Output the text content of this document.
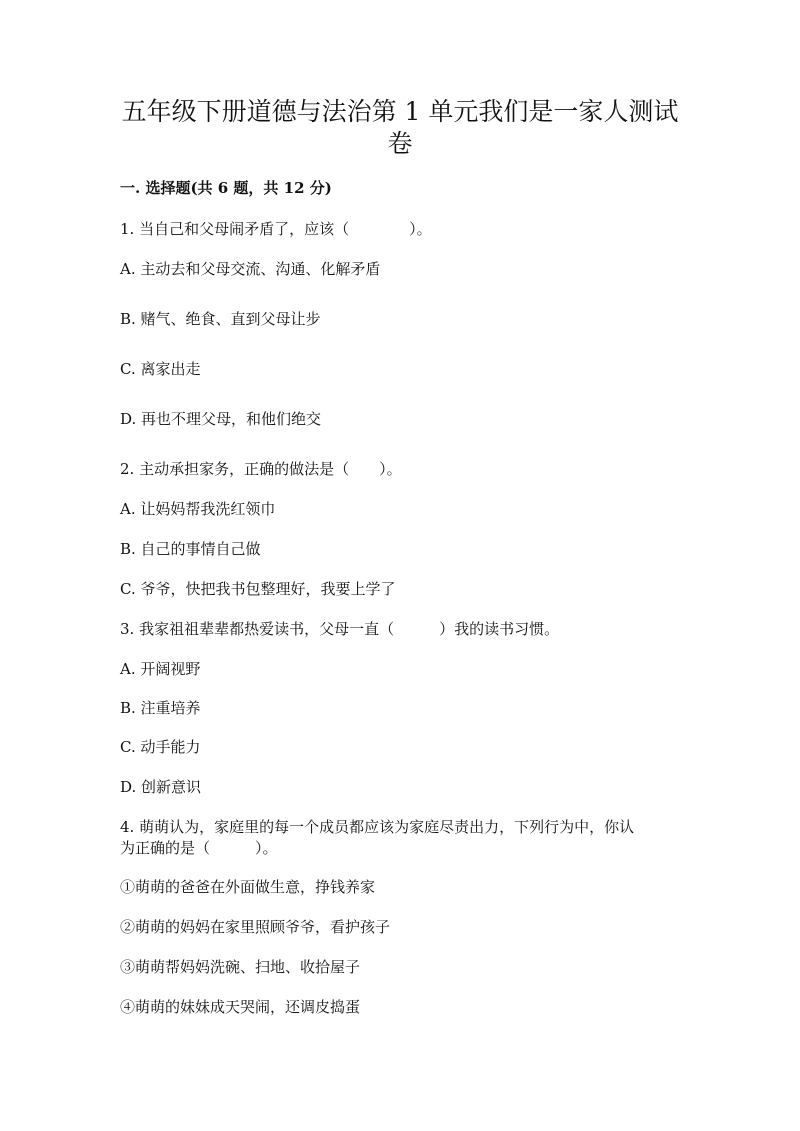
五年级下册道德与法治第 1 单元我们是一家人测试
卷

一. 选择题(共 6 题，共 12 分)

1. 当自己和父母闹矛盾了，应该（　　　　）。

A. 主动去和父母交流、沟通、化解矛盾

B. 赌气、绝食、直到父母让步

C. 离家出走

D. 再也不理父母，和他们绝交

2. 主动承担家务，正确的做法是（　　）。

A. 让妈妈帮我洗红领巾

B. 自己的事情自己做

C. 爷爷，快把我书包整理好，我要上学了

3. 我家祖祖辈辈都热爱读书，父母一直（　　　）我的读书习惯。

A. 开阔视野

B. 注重培养

C. 动手能力

D. 创新意识

4. 萌萌认为，家庭里的每一个成员都应该为家庭尽责出力，下列行为中，你认

为正确的是（　　　）。

①萌萌的爸爸在外面做生意，挣钱养家

②萌萌的妈妈在家里照顾爷爷，看护孩子

③萌萌帮妈妈洗碗、扫地、收拾屋子

④萌萌的妹妹成天哭闹，还调皮捣蛋
